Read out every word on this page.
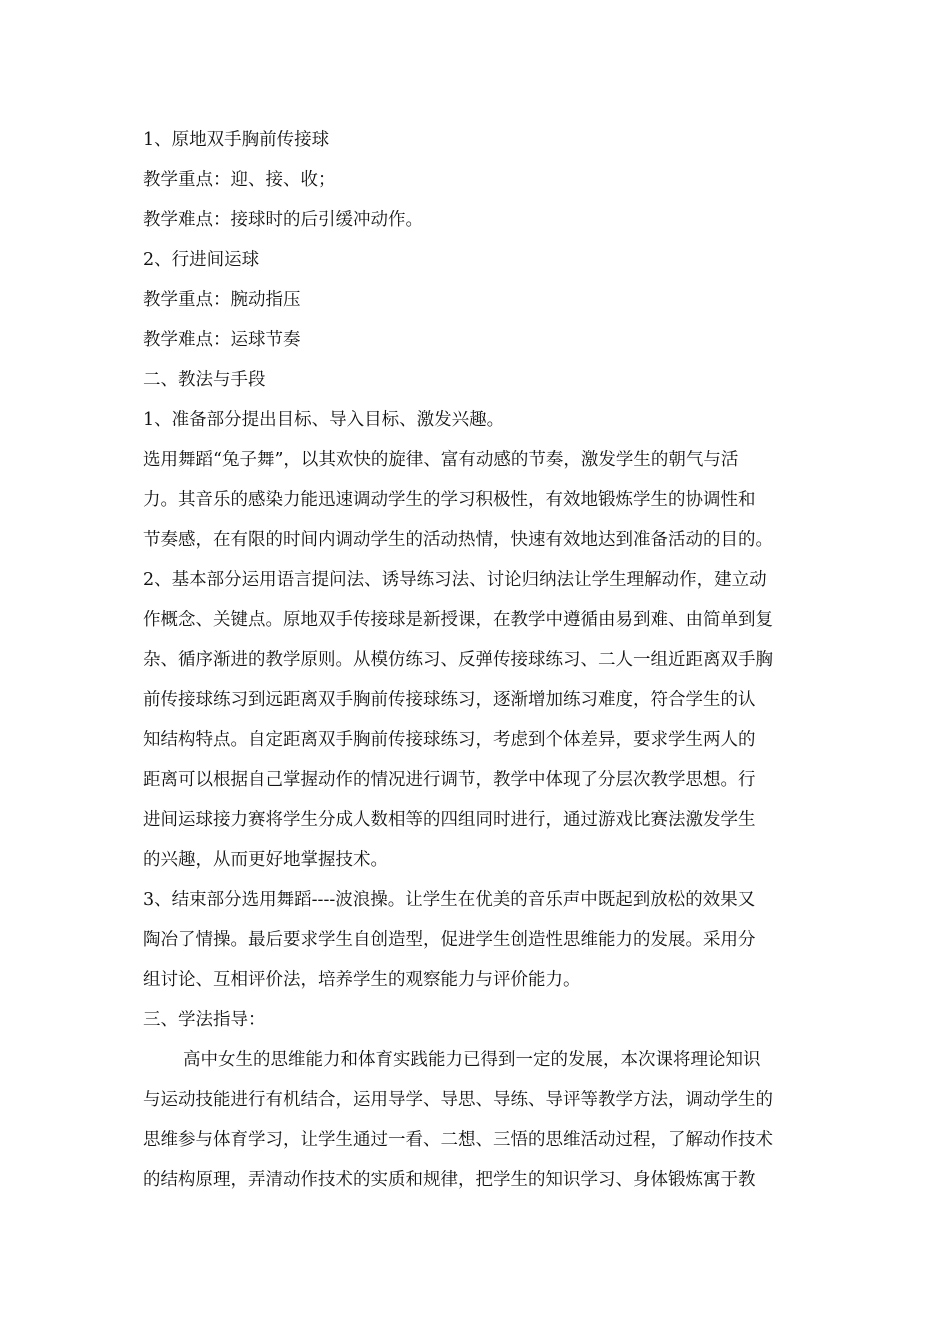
1、原地双手胸前传接球
教学重点：迎、接、收；
教学难点：接球时的后引缓冲动作。
2、行进间运球
教学重点：腕动指压
教学难点：运球节奏
二、教法与手段
1、准备部分提出目标、导入目标、激发兴趣。
选用舞蹈“兔子舞”，以其欢快的旋律、富有动感的节奏，激发学生的朝气与活
力。其音乐的感染力能迅速调动学生的学习积极性，有效地锻炼学生的协调性和
节奏感，在有限的时间内调动学生的活动热情，快速有效地达到准备活动的目的。
2、基本部分运用语言提问法、诱导练习法、讨论归纳法让学生理解动作，建立动
作概念、关键点。原地双手传接球是新授课，在教学中遵循由易到难、由简单到复
杂、循序渐进的教学原则。从模仿练习、反弹传接球练习、二人一组近距离双手胸
前传接球练习到远距离双手胸前传接球练习，逐渐增加练习难度，符合学生的认
知结构特点。自定距离双手胸前传接球练习，考虑到个体差异，要求学生两人的
距离可以根据自己掌握动作的情况进行调节，教学中体现了分层次教学思想。行
进间运球接力赛将学生分成人数相等的四组同时进行，通过游戏比赛法激发学生
的兴趣，从而更好地掌握技术。
3、结束部分选用舞蹈----波浪操。让学生在优美的音乐声中既起到放松的效果又
陶冶了情操。最后要求学生自创造型，促进学生创造性思维能力的发展。采用分
组讨论、互相评价法，培养学生的观察能力与评价能力。
三、学法指导：
高中女生的思维能力和体育实践能力已得到一定的发展，本次课将理论知识
与运动技能进行有机结合，运用导学、导思、导练、导评等教学方法，调动学生的
思维参与体育学习，让学生通过一看、二想、三悟的思维活动过程，了解动作技术
的结构原理，弄清动作技术的实质和规律，把学生的知识学习、身体锻炼寓于教
